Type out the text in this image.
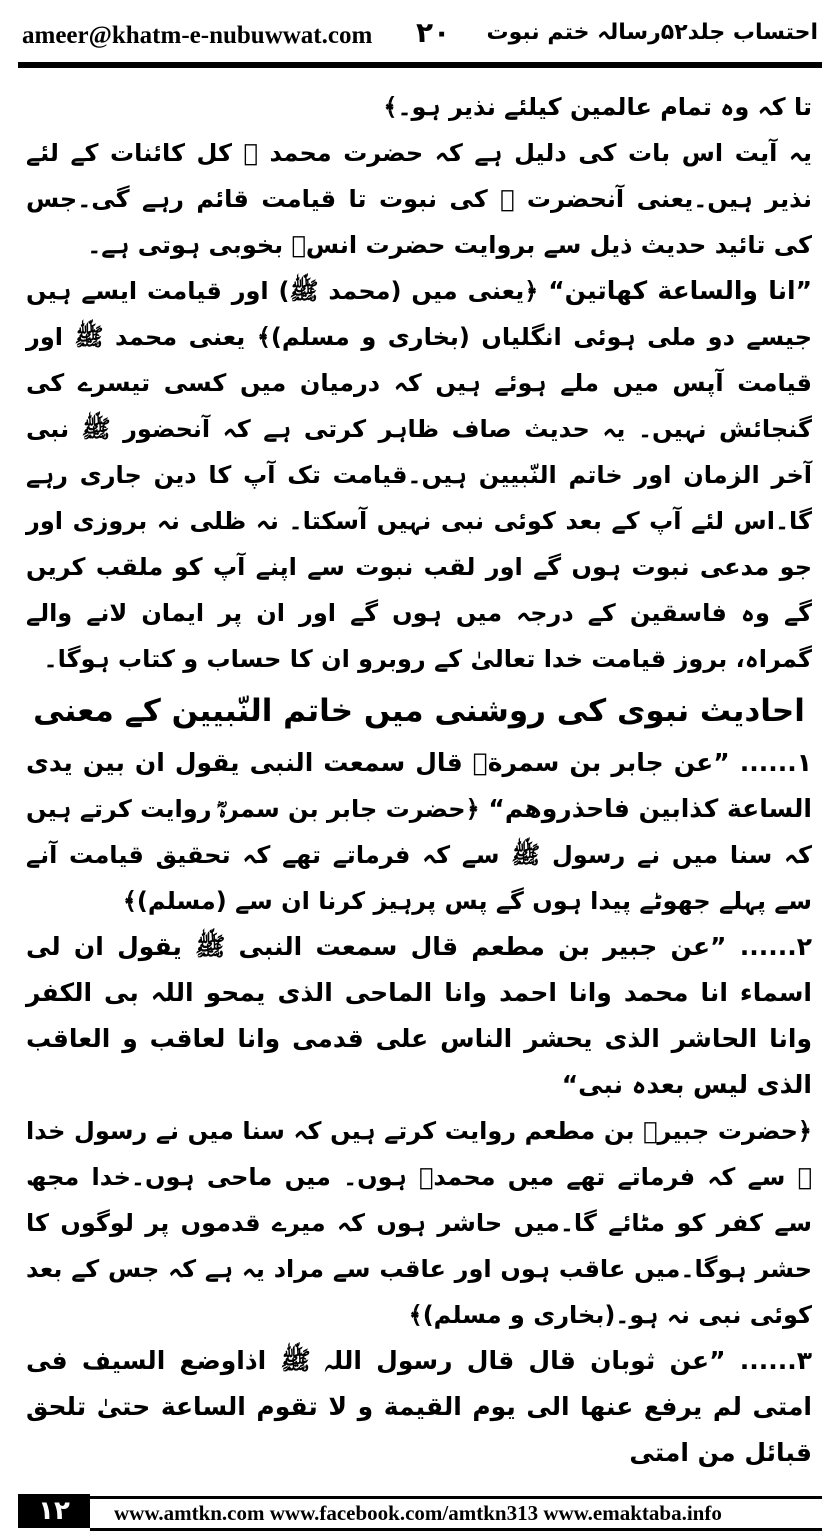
ameer@khatm-e-nubuwwat.com ۲۰ احتساب جلد۵۲رسالہ ختم نبوت

تا کہ وہ تمام عالمین کیلئے نذیر ہو۔﴾

یہ آیت اس بات کی دلیل ہے کہ حضرت محمد ﷺ کل کائنات کے لئے نذیر ہیں۔یعنی آنحضرت ﷺ کی نبوت تا قیامت قائم رہے گی۔جس کی تائید حدیث ذیل سے بروایت حضرت انسؓ بخوبی ہوتی ہے۔

”انا والساعة کھاتین“ ﴿یعنی میں (محمد ﷺ) اور قیامت ایسے ہیں جیسے دو ملی ہوئی انگلیاں (بخاری و مسلم)﴾ یعنی محمد ﷺ اور قیامت آپس میں ملے ہوئے ہیں کہ درمیان میں کسی تیسرے کی گنجائش نہیں۔ یہ حدیث صاف ظاہر کرتی ہے کہ آنحضور ﷺ نبی آخر الزمان اور خاتم النّبیین ہیں۔قیامت تک آپ کا دین جاری رہے گا۔اس لئے آپ کے بعد کوئی نبی نہیں آسکتا۔ نہ ظلی نہ بروزی اور جو مدعی نبوت ہوں گے اور لقب نبوت سے اپنے آپ کو ملقب کریں گے وہ فاسقین کے درجہ میں ہوں گے اور ان پر ایمان لانے والے گمراہ، بروز قیامت خدا تعالیٰ کے روبرو ان کا حساب و کتاب ہوگا۔

احادیث نبوی کی روشنی میں خاتم النّبیین کے معنی

۱...... ”عن جابر بن سمرةؓ قال سمعت النبی یقول ان بین یدی الساعة کذابین فاحذروھم“ ﴿حضرت جابر بن سمرہؓ روایت کرتے ہیں کہ سنا میں نے رسول ﷺ سے کہ فرماتے تھے کہ تحقیق قیامت آنے سے پہلے جھوٹے پیدا ہوں گے پس پرہیز کرنا ان سے (مسلم)﴾

۲...... ”عن جبیر بن مطعم قال سمعت النبی ﷺ یقول ان لی اسماء انا محمد وانا احمد وانا الماحی الذی یمحو اللہ بی الکفر وانا الحاشر الذی یحشر الناس علی قدمی وانا لعاقب و العاقب الذی لیس بعدہ نبی“

﴿حضرت جبیرؓ بن مطعم روایت کرتے ہیں کہ سنا میں نے رسول خدا ﷺ سے کہ فرماتے تھے میں محمدؐ ہوں۔ میں ماحی ہوں۔خدا مجھ سے کفر کو مٹائے گا۔میں حاشر ہوں کہ میرے قدموں پر لوگوں کا حشر ہوگا۔میں عاقب ہوں اور عاقب سے مراد یہ ہے کہ جس کے بعد کوئی نبی نہ ہو۔(بخاری و مسلم)﴾

۳...... ”عن ثوبان قال قال رسول اللہ ﷺ اذاوضع السیف فی امتی لم یرفع عنھا الی یوم القیمة و لا تقوم الساعة حتیٰ تلحق قبائل من امتی

۱۲	www.amtkn.com www.facebook.com/amtkn313 www.emaktaba.info
